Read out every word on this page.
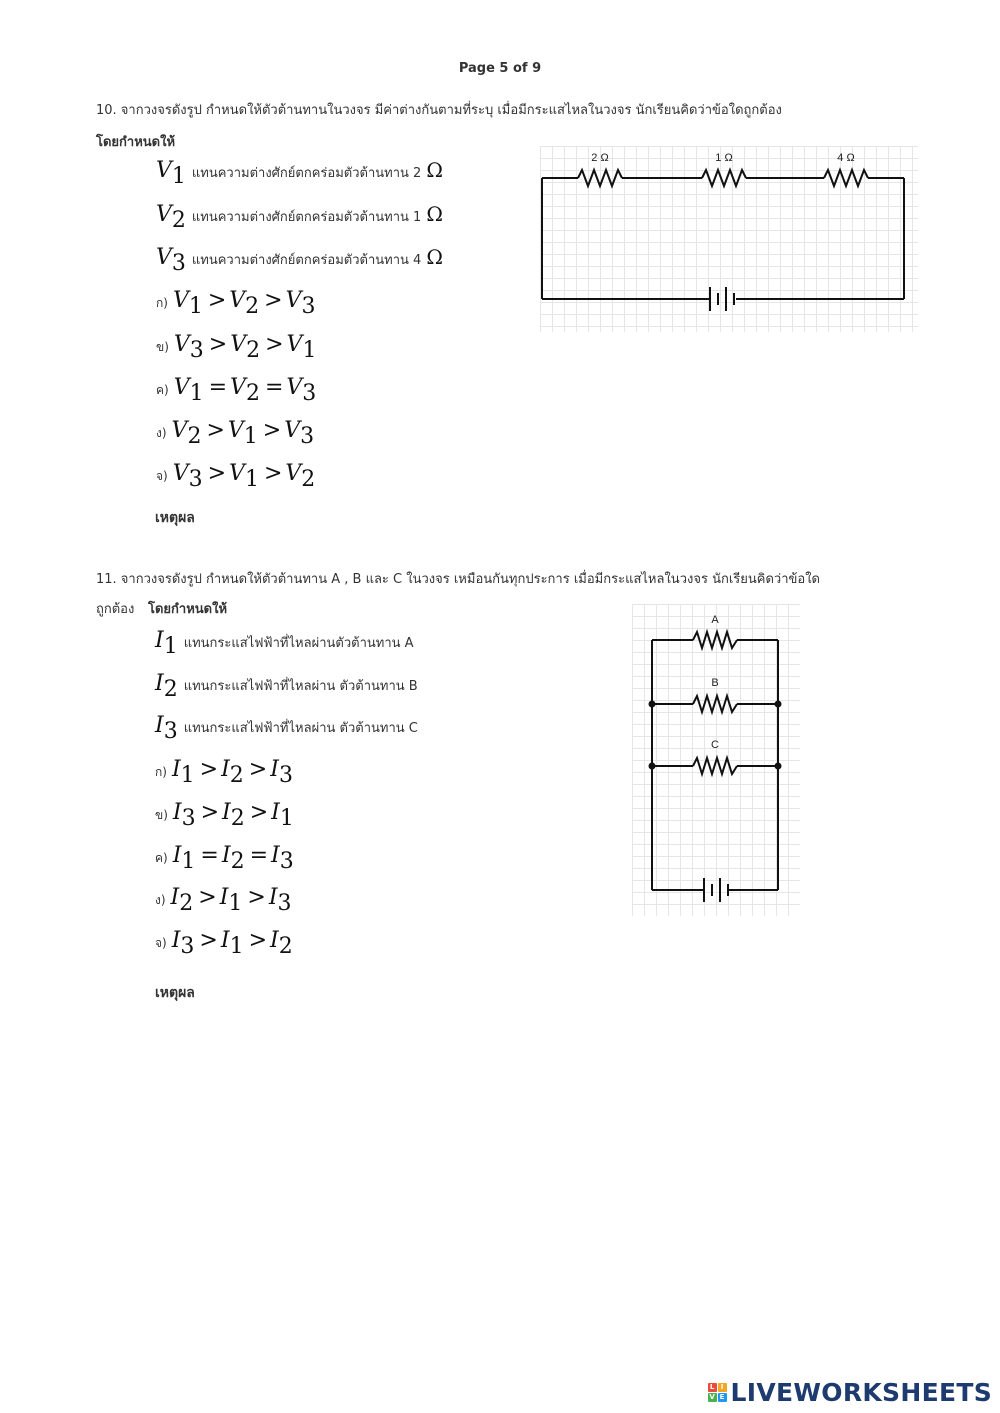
Page 5 of 9
10. จากวงจรดังรูป กำหนดให้ตัวต้านทานในวงจร มีค่าต่างกันตามที่ระบุ เมื่อมีกระแสไหลในวงจร นักเรียนคิดว่าข้อใดถูกต้อง
โดยกำหนดให้
$V_1$ แทนความต่างศักย์ตกคร่อมตัวต้านทาน 2 Ω
$V_2$ แทนความต่างศักย์ตกคร่อมตัวต้านทาน 1 Ω
$V_3$ แทนความต่างศักย์ตกคร่อมตัวต้านทาน 4 Ω
ก) $V_1 > V_2 > V_3$
ข) $V_3 > V_2 > V_1$
ค) $V_1 = V_2 = V_3$
ง) $V_2 > V_1 > V_3$
จ) $V_3 > V_1 > V_2$
เหตุผล
2 Ω	1 Ω	4 Ω
11. จากวงจรดังรูป กำหนดให้ตัวต้านทาน A , B และ C ในวงจร เหมือนกันทุกประการ เมื่อมีกระแสไหลในวงจร นักเรียนคิดว่าข้อใด
ถูกต้อง โดยกำหนดให้
$I_1$ แทนกระแสไฟฟ้าที่ไหลผ่านตัวต้านทาน A
$I_2$ แทนกระแสไฟฟ้าที่ไหลผ่าน ตัวต้านทาน B
$I_3$ แทนกระแสไฟฟ้าที่ไหลผ่าน ตัวต้านทาน C
ก) $I_1 > I_2 > I_3$
ข) $I_3 > I_2 > I_1$
ค) $I_1 = I_2 = I_3$
ง) $I_2 > I_1 > I_3$
จ) $I_3 > I_1 > I_2$
เหตุผล
A
B
C
L I
V E LIVEWORKSHEETS
